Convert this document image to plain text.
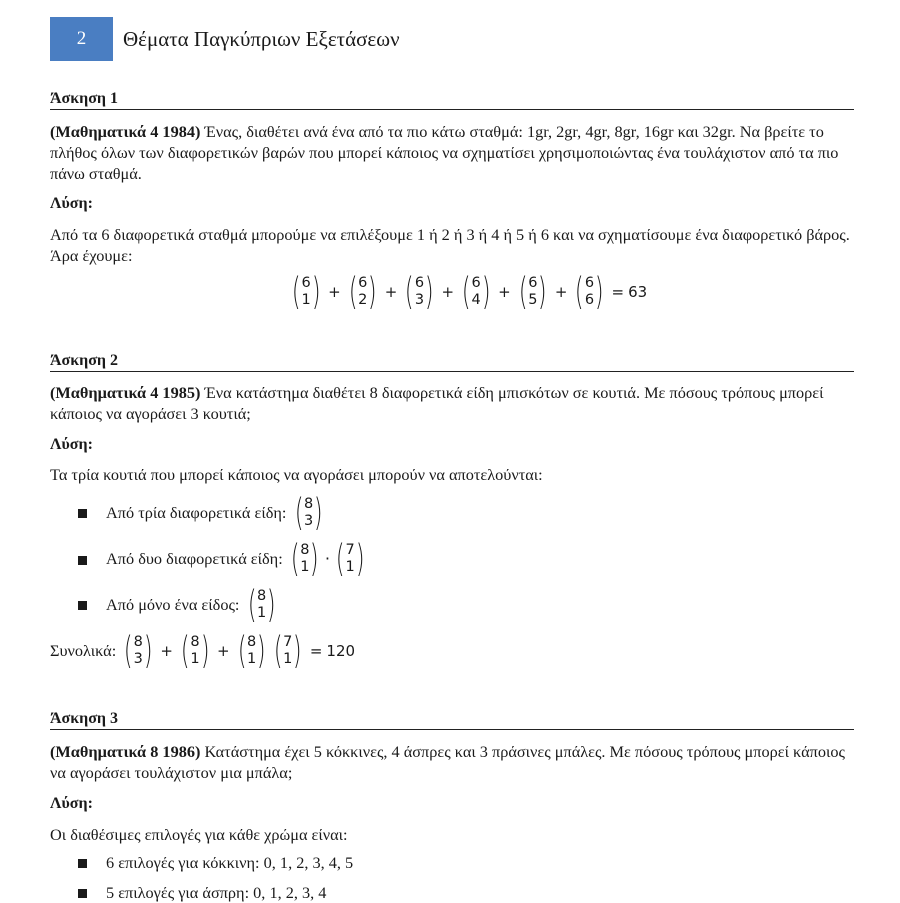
2	Θέματα Παγκύπριων Εξετάσεων
Άσκηση 1
(Μαθηματικά 4 1984) Ένας, διαθέτει ανά ένα από τα πιο κάτω σταθμά: 1gr, 2gr, 4gr, 8gr, 16gr και 32gr. Να βρείτε το πλήθος όλων των διαφορετικών βαρών που μπορεί κάποιος να σχηματίσει χρησιμοποιώντας ένα τουλάχιστον από τα πιο πάνω σταθμά.
Λύση:
Από τα 6 διαφορετικά σταθμά μπορούμε να επιλέξουμε 1 ή 2 ή 3 ή 4 ή 5 ή 6 και να σχηματίσουμε ένα διαφορετικό βάρος. Άρα έχουμε:
( 6
1 ) + ( 6
2 ) + ( 6
3 ) + ( 6
4 ) + ( 6
5 ) + ( 6
6 ) = 63
Άσκηση 2
(Μαθηματικά 4 1985) Ένα κατάστημα διαθέτει 8 διαφορετικά είδη μπισκότων σε κουτιά. Με πόσους τρόπους μπορεί κάποιος να αγοράσει 3 κουτιά;
Λύση:
Τα τρία κουτιά που μπορεί κάποιος να αγοράσει μπορούν να αποτελούνται:
Από τρία διαφορετικά είδη:
( 8
3 )
Από δυο διαφορετικά είδη:
( 8
1 ) · ( 7
1 )
Από μόνο ένα είδος:
( 8
1 )
Συνολικά: ( 8
3 ) + ( 8
1 ) + ( 8
1 ) ( 7
1 ) = 120
Άσκηση 3
(Μαθηματικά 8 1986) Κατάστημα έχει 5 κόκκινες, 4 άσπρες και 3 πράσινες μπάλες. Με πόσους τρόπους μπορεί κάποιος να αγοράσει τουλάχιστον μια μπάλα;
Λύση:
Οι διαθέσιμες επιλογές για κάθε χρώμα είναι:
6 επιλογές για κόκκινη: 0, 1, 2, 3, 4, 5
5 επιλογές για άσπρη: 0, 1, 2, 3, 4
